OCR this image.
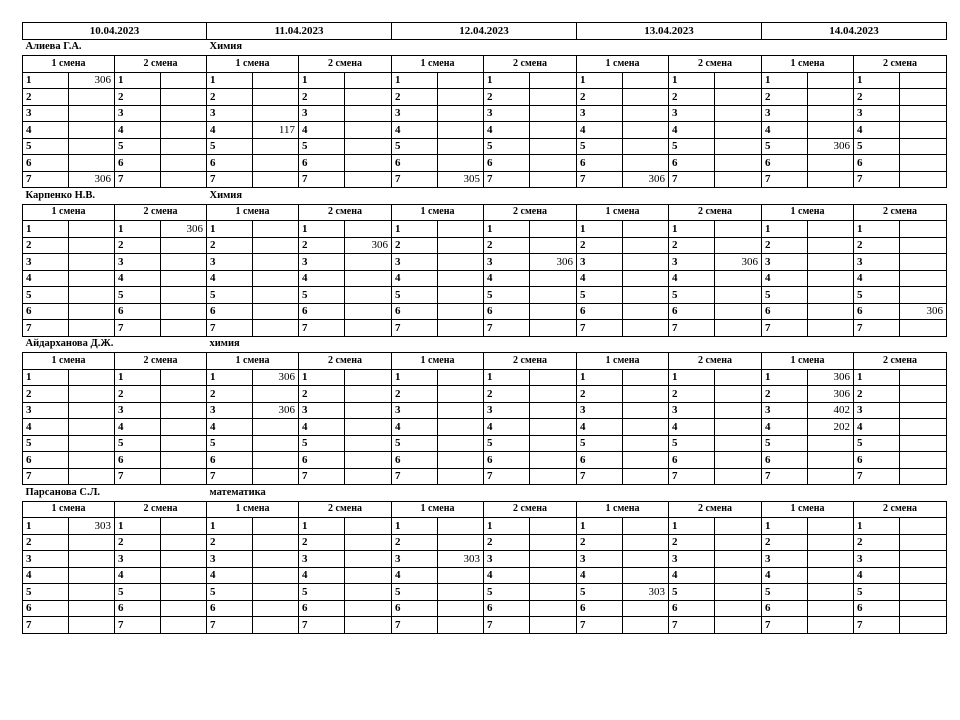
10.04.2023				11.04.2023				12.04.2023				13.04.2023				14.04.2023			
Алиева Г.А.				Химия															
1 смена		2 смена		1 смена		2 смена		1 смена		2 смена		1 смена		2 смена		1 смена		2 смена	
1	306	1		1		1		1		1		1		1		1		1	
2		2		2		2		2		2		2		2		2		2	
3		3		3		3		3		3		3		3		3		3	
4		4		4	117	4		4		4		4		4		4		4	
5		5		5		5		5		5		5		5		5	306	5	
6		6		6		6		6		6		6		6		6		6	
7	306	7		7		7		7	305	7		7	306	7		7		7	
Карпенко Н.В.				Химия															
1 смена		2 смена		1 смена		2 смена		1 смена		2 смена		1 смена		2 смена		1 смена		2 смена	
1		1	306	1		1		1		1		1		1		1		1	
2		2		2		2	306	2		2		2		2		2		2	
3		3		3		3		3		3	306	3		3	306	3		3	
4		4		4		4		4		4		4		4		4		4	
5		5		5		5		5		5		5		5		5		5	
6		6		6		6		6		6		6		6		6		6	306
7		7		7		7		7		7		7		7		7		7	
Айдарханова Д.Ж.				химия															
1 смена		2 смена		1 смена		2 смена		1 смена		2 смена		1 смена		2 смена		1 смена		2 смена	
1		1		1	306	1		1		1		1		1		1	306	1	
2		2		2		2		2		2		2		2		2	306	2	
3		3		3	306	3		3		3		3		3		3	402	3	
4		4		4		4		4		4		4		4		4	202	4	
5		5		5		5		5		5		5		5		5		5	
6		6		6		6		6		6		6		6		6		6	
7		7		7		7		7		7		7		7		7		7	
Парсанова С.Л.				математика															
1 смена		2 смена		1 смена		2 смена		1 смена		2 смена		1 смена		2 смена		1 смена		2 смена	
1	303	1		1		1		1		1		1		1		1		1	
2		2		2		2		2		2		2		2		2		2	
3		3		3		3		3	303	3		3		3		3		3	
4		4		4		4		4		4		4		4		4		4	
5		5		5		5		5		5		5	303	5		5		5	
6		6		6		6		6		6		6		6		6		6	
7		7		7		7		7		7		7		7		7		7	
